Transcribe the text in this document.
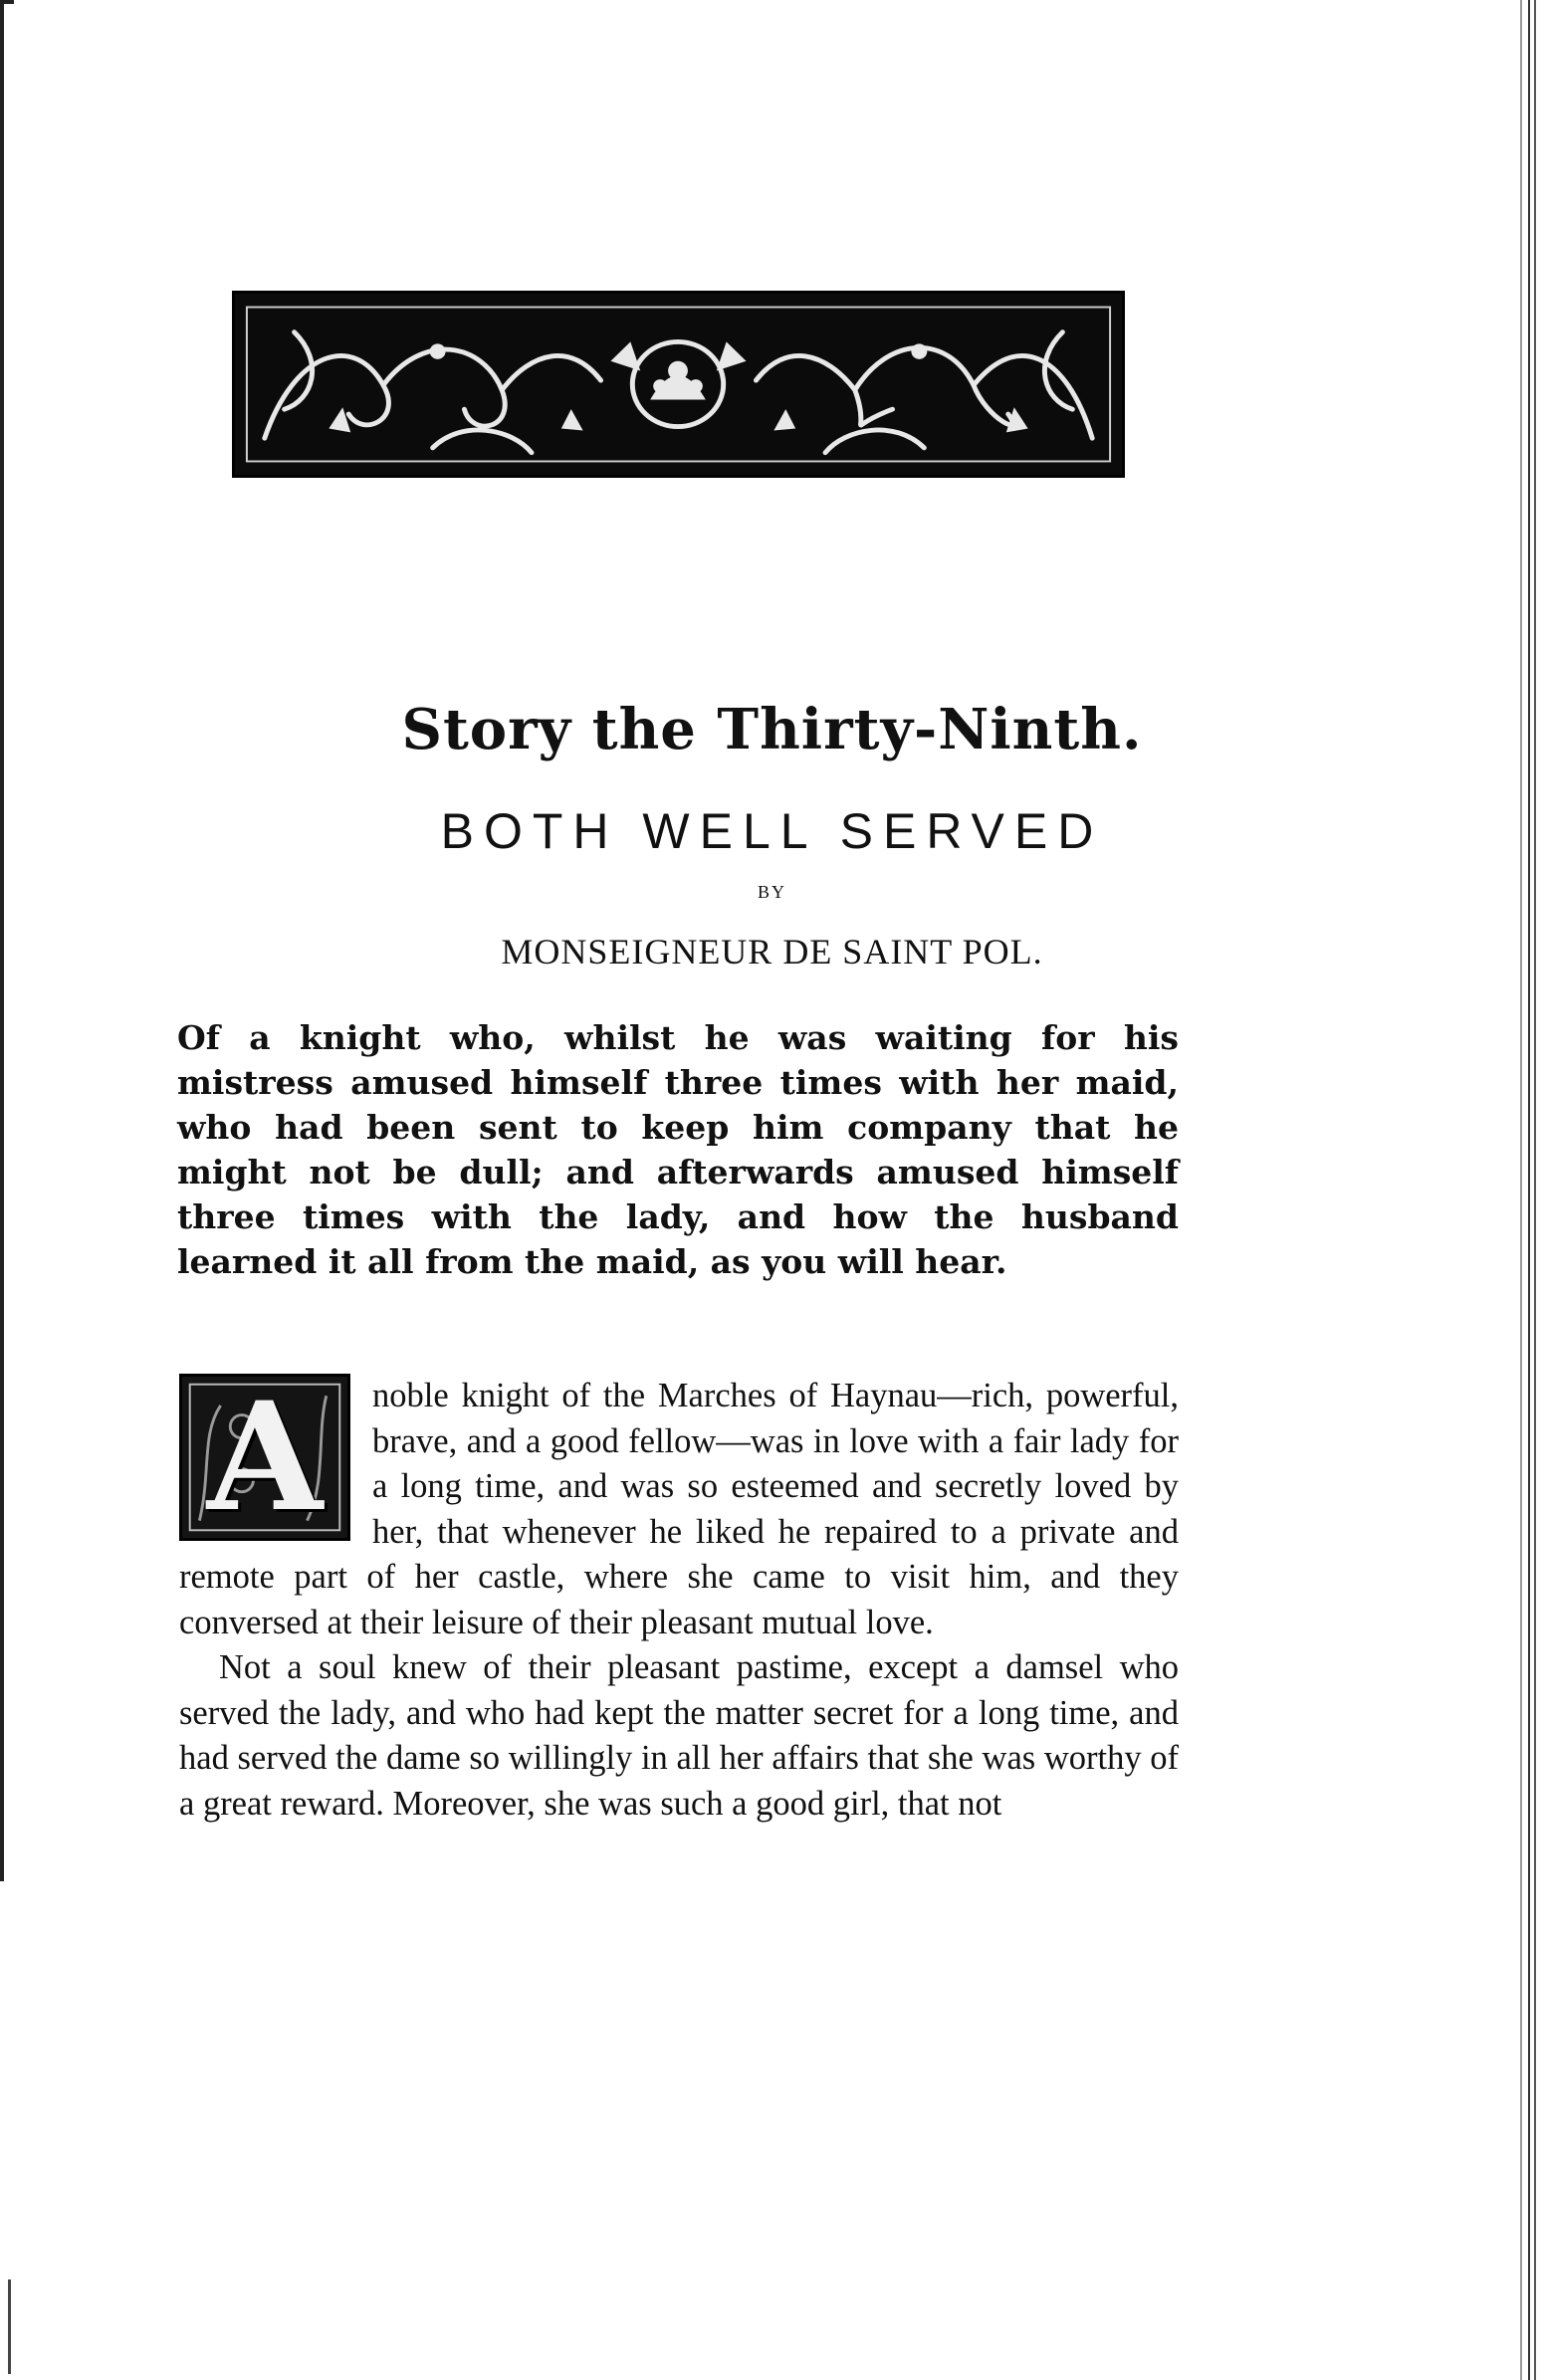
Story the Thirty-Ninth.
BOTH WELL SERVED
BY
MONSEIGNEUR DE SAINT POL.
Of a knight who, whilst he was waiting for his mistress amused himself three times with her maid, who had been sent to keep him company that he might not be dull; and afterwards amused himself three times with the lady, and how the husband learned it all from the maid, as you will hear.
A	noble knight of the Marches of Haynau—rich, powerful, brave, and a good fellow—was in love with a fair lady for a long time, and was so esteemed and secretly loved by her, that whenever he liked he repaired to a private and remote part of her castle, where she came to visit him, and they conversed at their leisure of their pleasant mutual love.

Not a soul knew of their pleasant pastime, except a damsel who served the lady, and who had kept the matter secret for a long time, and had served the dame so willingly in all her affairs that she was worthy of a great reward. Moreover, she was such a good girl, that not
